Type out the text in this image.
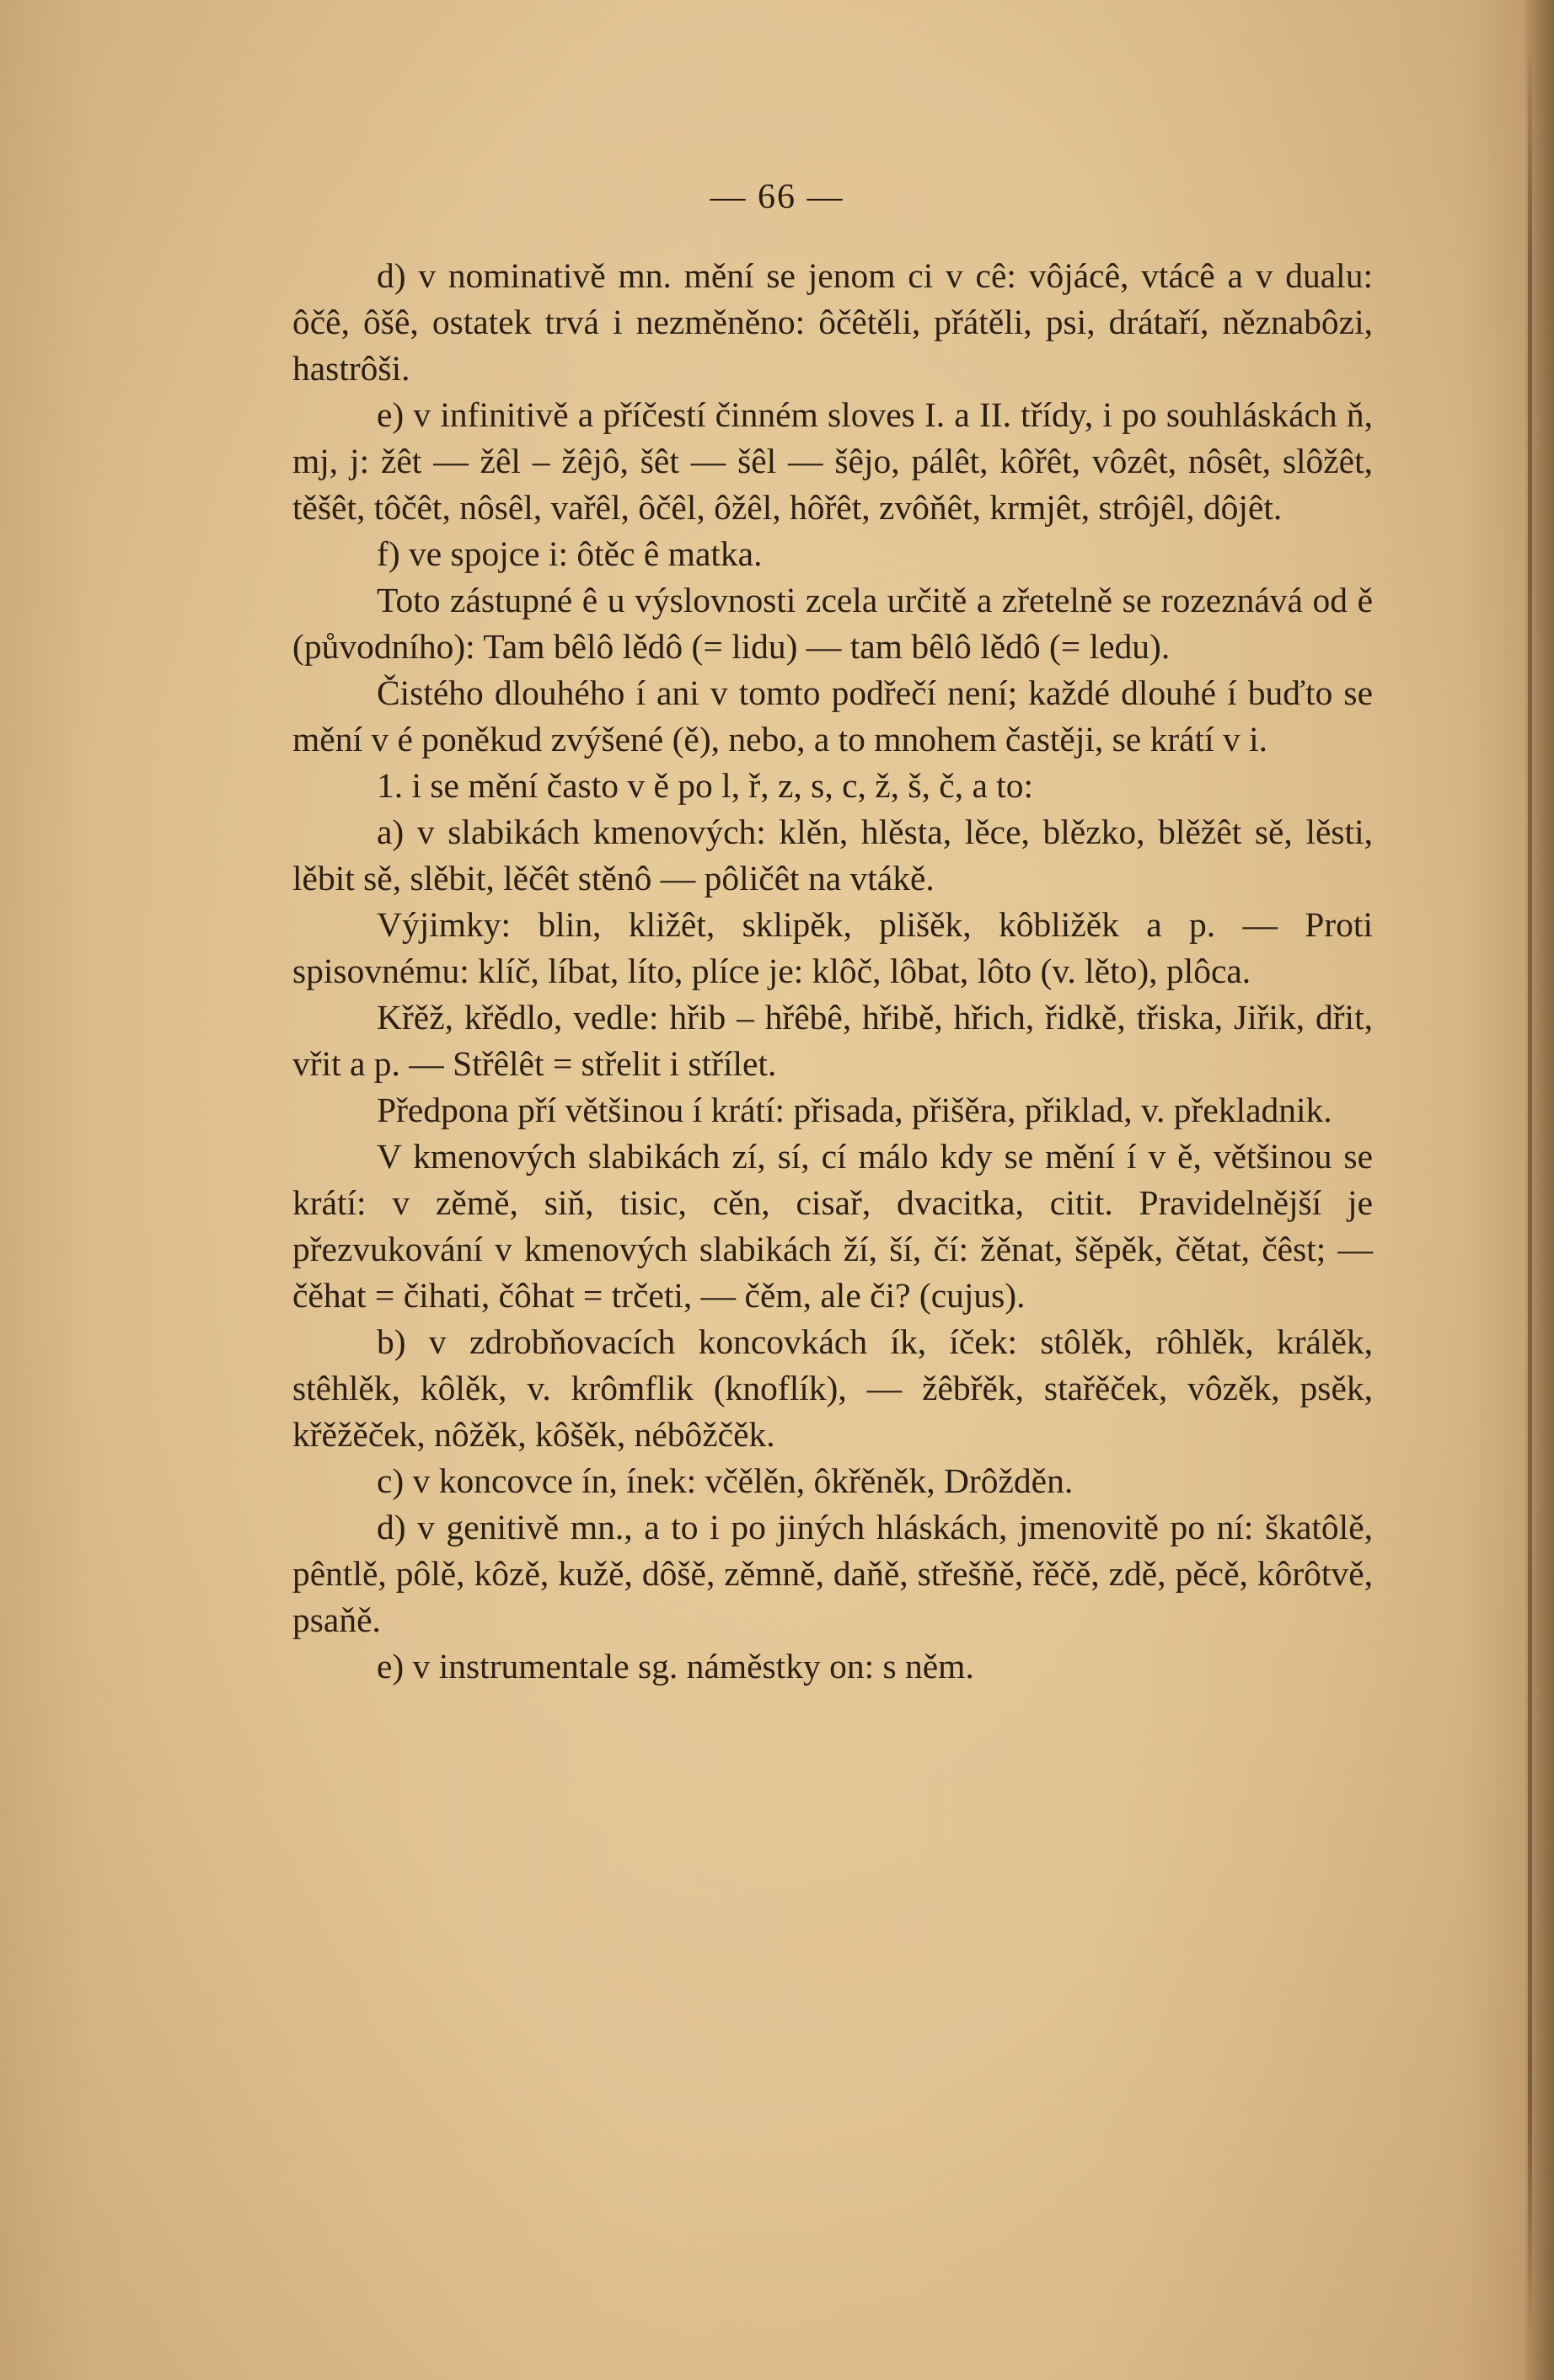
— 66 —

d) v nominativě mn. mění se jenom ci v cê: vôjácê, vtácê a v dualu: ôčê, ôšê, ostatek trvá i nezměněno: ôčêtěli, přátěli, psi, drátaří, něznabôzi, hastrôši.

e) v infinitivě a příčestí činném sloves I. a II. třídy, i po souhláskách ň, mj, j: žêt — žêl – žêjô, šêt — šêl — šêjo, pálêt, kôřêt, vôzêt, nôsêt, slôžêt, těšêt, tôčêt, nôsêl, vařêl, ôčêl, ôžêl, hôřêt, zvôňêt, krmjêt, strôjêl, dôjêt.

f) ve spojce i: ôtěc ê matka.

Toto zástupné ê u výslovnosti zcela určitě a zřetelně se rozeznává od ě (původního): Tam bêlô lědô (= lidu) — tam bêlô lědô (= ledu).

Čistého dlouhého í ani v tomto podřečí není; každé dlouhé í buďto se mění v é poněkud zvýšené (ě), nebo, a to mnohem častěji, se krátí v i.

1. i se mění často v ě po l, ř, z, s, c, ž, š, č, a to:

a) v slabikách kmenových: klěn, hlěsta, lěce, blězko, blěžêt sě, lěsti, lěbit sě, slěbit, lěčêt stěnô — pôličêt na vtákě.

Výjimky: blin, kližêt, sklipěk, plišěk, kôbližěk a p. — Proti spisovnému: klíč, líbat, líto, plíce je: klôč, lôbat, lôto (v. lěto), plôca.

Křěž, křědlo, vedle: hřib – hřêbê, hřibě, hřich, řidkě, třiska, Jiřik, dřit, vřit a p. — Střêlêt = střelit i střílet.

Předpona pří většinou í krátí: přisada, přišěra, přiklad, v. překladnik.

V kmenových slabikách zí, sí, cí málo kdy se mění í v ě, většinou se krátí: v zěmě, siň, tisic, cěn, cisař, dvacitka, citit. Pravidelnější je přezvukování v kmenových slabikách ží, ší, čí: žěnat, šěpěk, čětat, čêst; — čěhat = čihati, čôhat = trčeti, — čěm, ale či? (cujus).

b) v zdrobňovacích koncovkách ík, íček: stôlěk, rôhlěk, králěk, stêhlěk, kôlěk, v. krômflik (knoflík), — žêbřěk, stařěček, vôzěk, psěk, křěžěček, nôžěk, kôšěk, nébôžčěk.

c) v koncovce ín, ínek: včělěn, ôkřěněk, Drôžděn.

d) v genitivě mn., a to i po jiných hláskách, jmenovitě po ní: škatôlě, pêntlě, pôlě, kôzě, kužě, dôšě, zěmně, daňě, střešňě, řěčě, zdě, pěcě, kôrôtvě, psaňě.

e) v instrumentale sg. náměstky on: s něm.
